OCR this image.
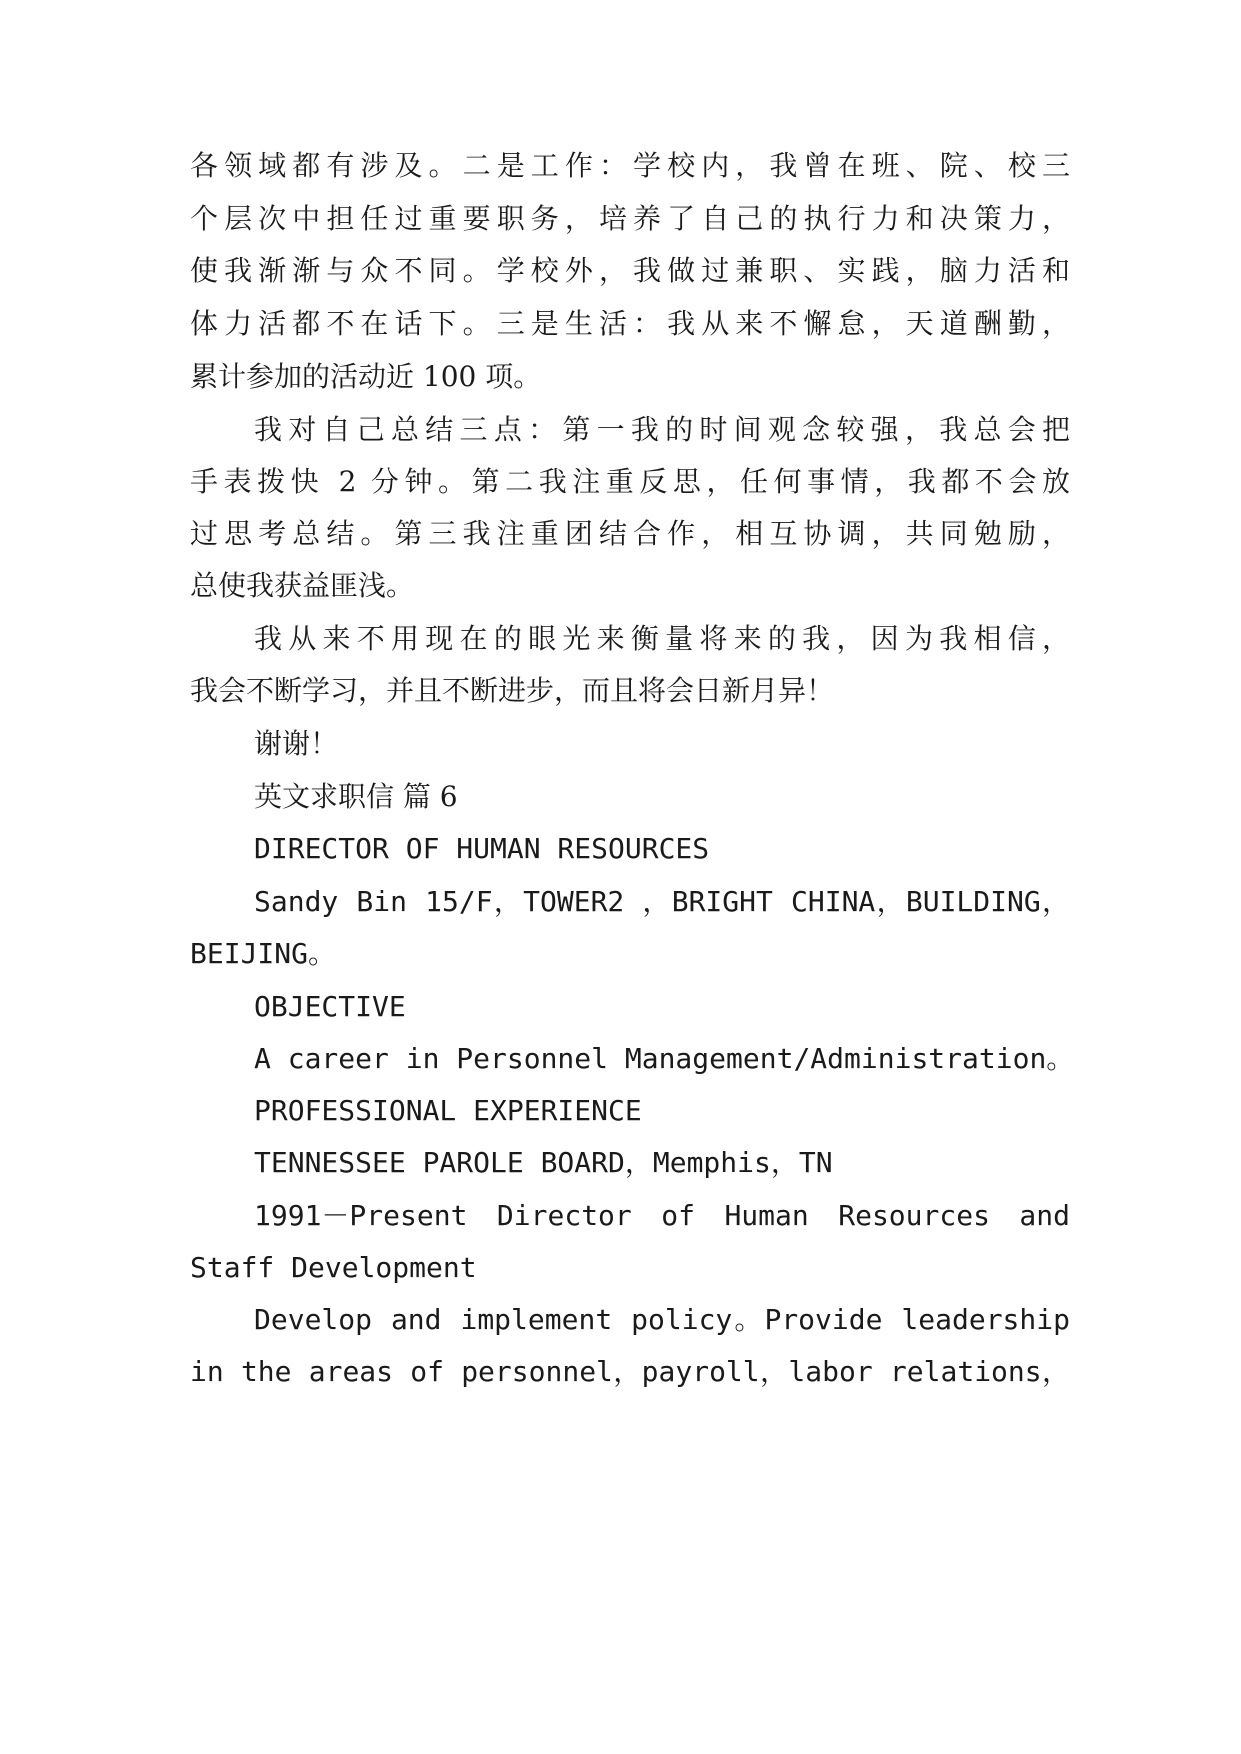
各领域都有涉及。二是工作：学校内，我曾在班、院、校三
个层次中担任过重要职务，培养了自己的执行力和决策力，
使我渐渐与众不同。学校外，我做过兼职、实践，脑力活和
体力活都不在话下。三是生活：我从来不懈怠，天道酬勤，
累计参加的活动近 100 项。
我对自己总结三点：第一我的时间观念较强，我总会把
手表拨快 2 分钟。第二我注重反思，任何事情，我都不会放
过思考总结。第三我注重团结合作，相互协调，共同勉励，
总使我获益匪浅。
我从来不用现在的眼光来衡量将来的我，因为我相信，
我会不断学习，并且不断进步，而且将会日新月异！
谢谢！
英文求职信 篇 6
DIRECTOR OF HUMAN RESOURCES
Sandy Bin 15/F，TOWER2 ，BRIGHT CHINA，BUILDING，
BEIJING。
OBJECTIVE
A career in Personnel Management/Administration。
PROFESSIONAL EXPERIENCE
TENNESSEE PAROLE BOARD，Memphis，TN
1991－Present Director of Human Resources and
Staff Development
Develop and implement policy。Provide leadership
in the areas of personnel，payroll，labor relations，
